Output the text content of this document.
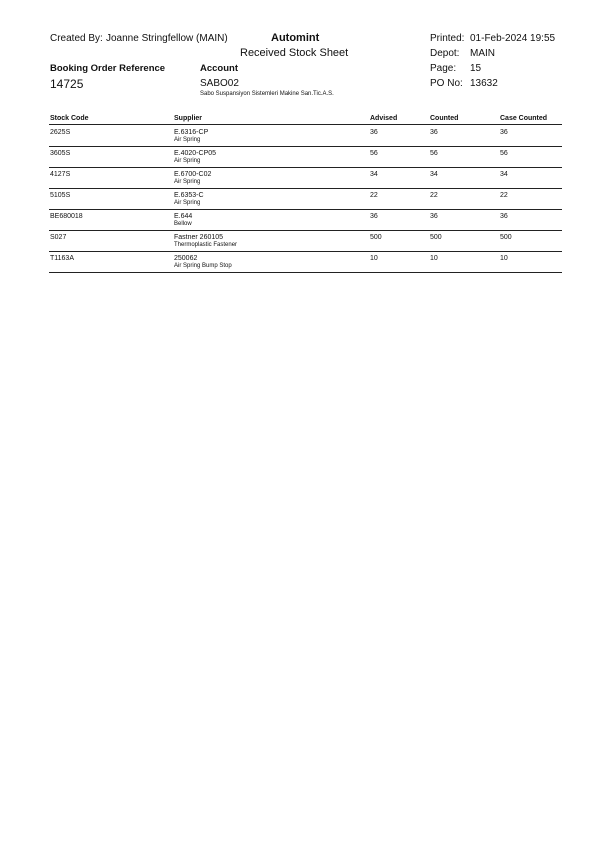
Created By: Joanne Stringfellow (MAIN)	Automint
Received Stock Sheet
Printed: 01-Feb-2024 19:55
Depot: MAIN
Page: 15
PO No: 13632
Booking Order Reference
14725
Account
SABO02
Sabo Suspansiyon Sistemleri Makine San.Tic.A.S.
Stock Code	Supplier	Advised	Counted	Case Counted
2625S	E.6316-CP	36	36	36
Air Spring
3605S	E.4020-CP05	56	56	56
Air Spring
4127S	E.6700-C02	34	34	34
Air Spring
5105S	E.6353-C	22	22	22
Air Spring
BE680018	E.644	36	36	36
Bellow
S027	Fastner 260105	500	500	500
Thermoplastic Fastener
T1163A	250062	10	10	10
Air Spring Bump Stop
